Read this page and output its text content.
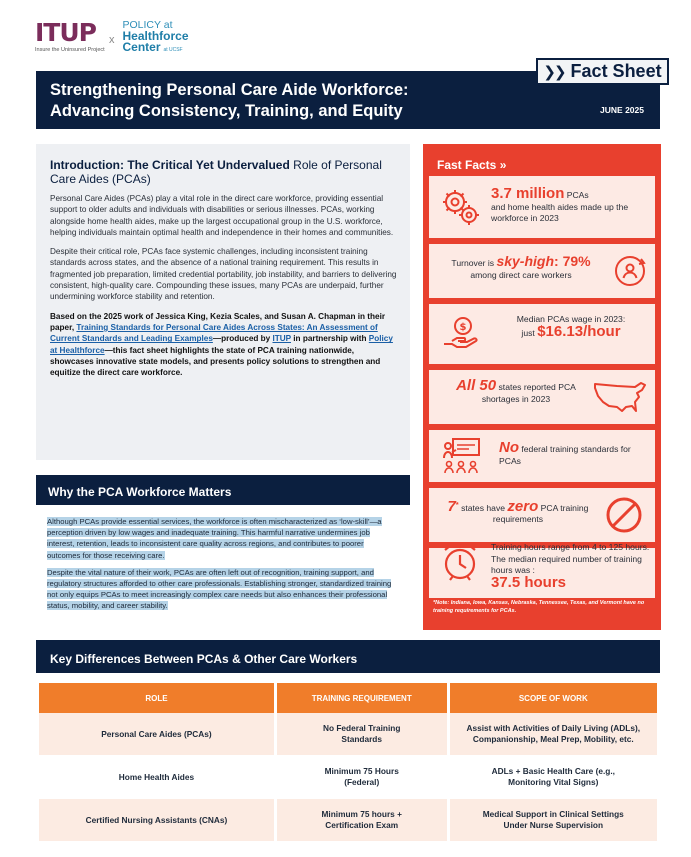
ITUP
Insure the Uninsured Project
x
POLICY at
Healthforce
Center at UCSF
❯❯ Fact Sheet
Strengthening Personal Care Aide Workforce:
Advancing Consistency, Training, and Equity	JUNE 2025
Introduction: The Critical Yet Undervalued Role of Personal Care Aides (PCAs)

Personal Care Aides (PCAs) play a vital role in the direct care workforce, providing essential support to older adults and individuals with disabilities or serious illnesses. PCAs, working alongside home health aides, make up the largest occupational group in the U.S. workforce, helping individuals maintain optimal health and independence in their homes and communities.

Despite their critical role, PCAs face systemic challenges, including inconsistent training standards across states, and the absence of a national training requirement. This results in fragmented job preparation, limited credential portability, job instability, and barriers to delivering consistent, high-quality care. Compounding these issues, many PCAs are underpaid, further undermining workforce stability and retention.

Based on the 2025 work of Jessica King, Kezia Scales, and Susan A. Chapman in their paper, Training Standards for Personal Care Aides Across States: An Assessment of Current Standards and Leading Examples—produced by ITUP in partnership with Policy at Healthforce—this fact sheet highlights the state of PCA training nationwide, showcases innovative state models, and presents policy solutions to strengthen and equitize the direct care workforce.

Why the PCA Workforce Matters

Although PCAs provide essential services, the workforce is often mischaracterized as ‘low-skill’—a perception driven by low wages and inadequate training. This harmful narrative undermines job interest, retention, leads to inconsistent care quality across regions, and contributes to poorer outcomes for those receiving care.

Despite the vital nature of their work, PCAs are often left out of recognition, training support, and regulatory structures afforded to other care professionals. Establishing stronger, standardized training not only equips PCAs to meet increasingly complex care needs but also enhances their professional status, mobility, and career stability.

Fast Facts »
3.7 million PCAs
and home health aides made up the workforce in 2023
Turnover is sky-high: 79%
among direct care workers
$
Median PCAs wage in 2023:
just $16.13/hour
All 50 states reported PCA shortages in 2023
No federal training standards for PCAs
7* states have zero PCA training requirements
Training hours range from 4 to 125 hours. The median required number of training hours was :
37.5 hours
*Note: Indiana, Iowa, Kansas, Nebraska, Tennessee, Texas, and Vermont have no training requirements for PCAs.
Key Differences Between PCAs & Other Care Workers
ROLE	TRAINING REQUIREMENT	SCOPE OF WORK
Personal Care Aides (PCAs)	No Federal Training Standards	Assist with Activities of Daily Living (ADLs), Companionship, Meal Prep, Mobility, etc.
Home Health Aides	Minimum 75 Hours (Federal)	ADLs + Basic Health Care (e.g., Monitoring Vital Signs)
Certified Nursing Assistants (CNAs)	Minimum 75 hours + Certification Exam	Medical Support in Clinical Settings Under Nurse Supervision
